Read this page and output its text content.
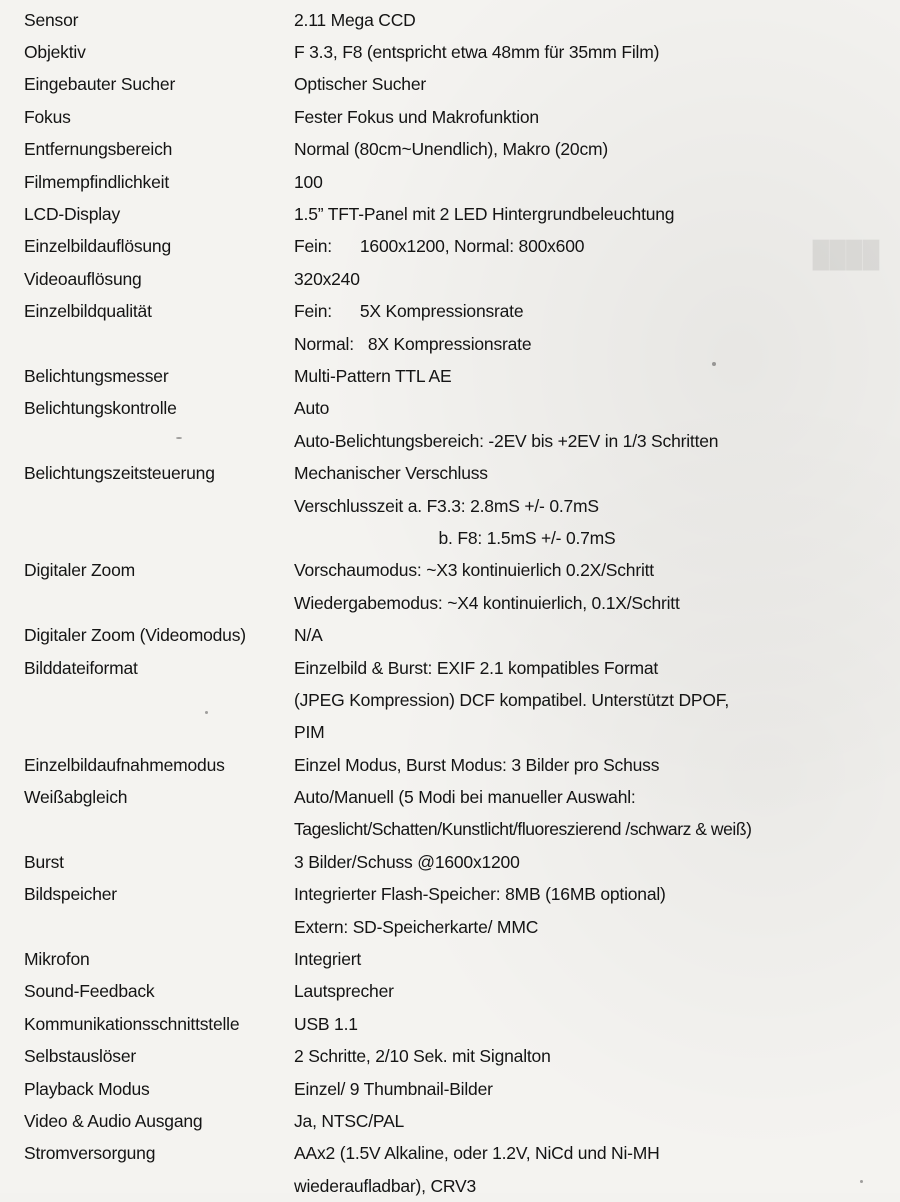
████
Sensor	2.11 Mega CCD
Objektiv	F 3.3, F8 (entspricht etwa 48mm für 35mm Film)
Eingebauter Sucher	Optischer Sucher
Fokus	Fester Fokus und Makrofunktion
Entfernungsbereich	Normal (80cm~Unendlich), Makro (20cm)
Filmempfindlichkeit	100
LCD-Display	1.5” TFT-Panel mit 2 LED Hintergrundbeleuchtung
Einzelbildauflösung	Fein:      1600x1200, Normal: 800x600
Videoauflösung	320x240
Einzelbildqualität	Fein:      5X Kompressionsrate
	Normal:   8X Kompressionsrate
Belichtungsmesser	Multi-Pattern TTL AE
Belichtungskontrolle	Auto
	Auto-Belichtungsbereich: -2EV bis +2EV in 1/3 Schritten
Belichtungszeitsteuerung	Mechanischer Verschluss
	Verschlusszeit a. F3.3: 2.8mS +/- 0.7mS
	b. F8: 1.5mS +/- 0.7mS
Digitaler Zoom	Vorschaumodus: ~X3 kontinuierlich 0.2X/Schritt
	Wiedergabemodus: ~X4 kontinuierlich, 0.1X/Schritt
Digitaler Zoom (Videomodus)	N/A
Bilddateiformat	Einzelbild & Burst: EXIF 2.1 kompatibles Format
	(JPEG Kompression) DCF kompatibel. Unterstützt DPOF,
	PIM
Einzelbildaufnahmemodus	Einzel Modus, Burst Modus: 3 Bilder pro Schuss
Weißabgleich	Auto/Manuell (5 Modi bei manueller Auswahl:
	Tageslicht/Schatten/Kunstlicht/fluoreszierend /schwarz & weiß)
Burst	3 Bilder/Schuss @1600x1200
Bildspeicher	Integrierter Flash-Speicher: 8MB (16MB optional)
	Extern: SD-Speicherkarte/ MMC
Mikrofon	Integriert
Sound-Feedback	Lautsprecher
Kommunikationsschnittstelle	USB 1.1
Selbstauslöser	2 Schritte, 2/10 Sek. mit Signalton
Playback Modus	Einzel/ 9 Thumbnail-Bilder
Video & Audio Ausgang	Ja, NTSC/PAL
Stromversorgung	AAx2 (1.5V Alkaline, oder 1.2V, NiCd und Ni-MH
	wiederaufladbar), CRV3
